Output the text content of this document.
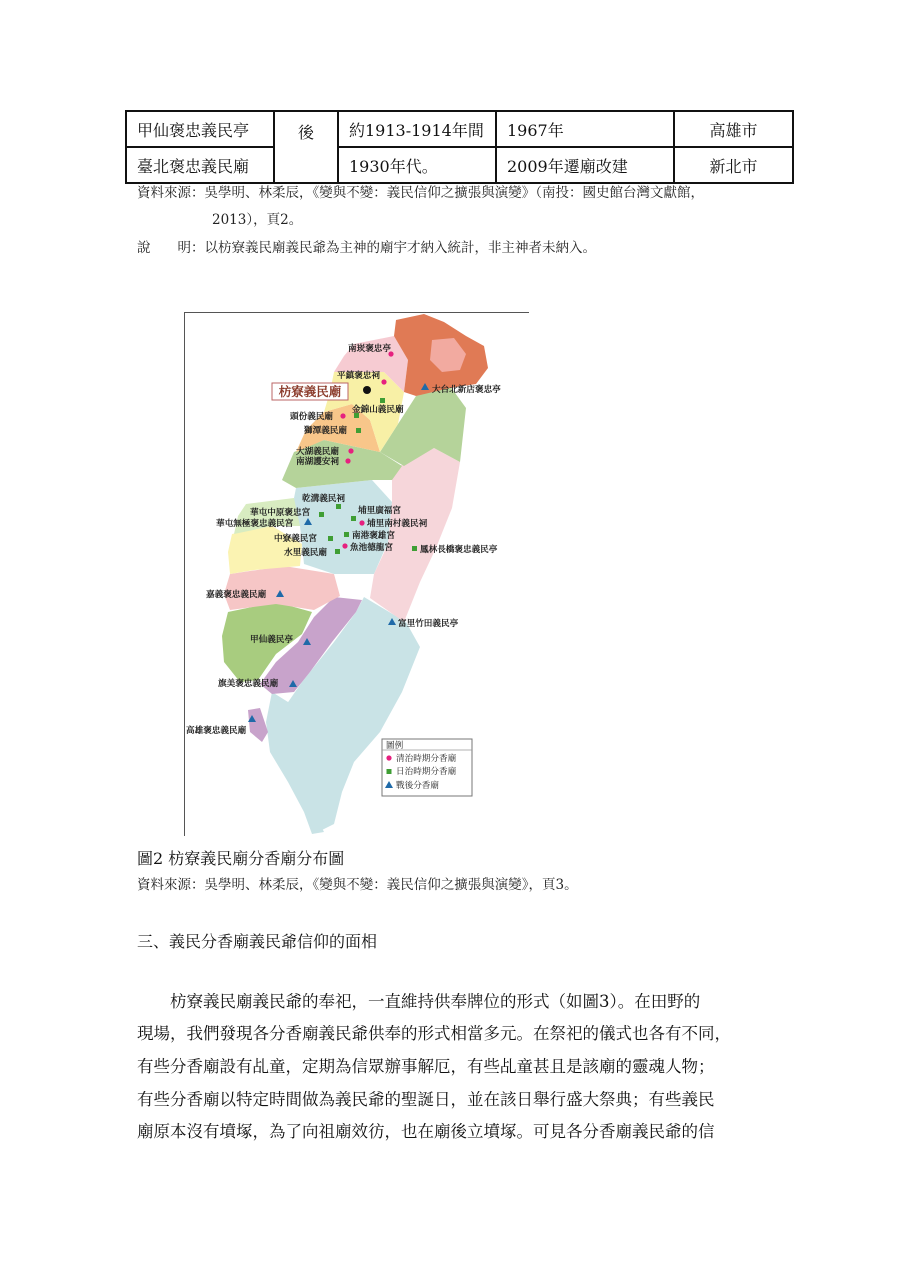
甲仙褒忠義民亭	後	約1913-1914年間	1967年	高雄市
臺北褒忠義民廟		1930年代。	2009年遷廟改建	新北市
資料來源：吳學明、林柔辰，《變與不變：義民信仰之擴張與演變》（南投：國史館台灣文獻館，
2013），頁2。
說　　明：以枋寮義民廟義民爺為主神的廟宇才納入統計，非主神者未納入。
枋寮義民廟
南崁褒忠亭
平鎮褒忠祠
大台北新店褒忠亭
頭份義民廟
金錦山義民廟
獅潭義民廟
大湖義民廟
南湖護安祠
乾溝義民祠
華屯中原褒忠宮
華屯無極褒忠義民宮
埔里廣福宮
埔里南村義民祠
南港褒雄宮
中寮義民宮
水里義民廟	魚池德龍宮	鳳林長橋褒忠義民亭
嘉義褒忠義民廟
富里竹田義民亭
甲仙義民亭
旗美褒忠義民廟
高雄褒忠義民廟
圖例
清治時期分香廟
日治時期分香廟
戰後分香廟
圖2 枋寮義民廟分香廟分布圖
資料來源：吳學明、林柔辰，《變與不變：義民信仰之擴張與演變》，頁3。
三、義民分香廟義民爺信仰的面相
　　枋寮義民廟義民爺的奉祀，一直維持供奉牌位的形式（如圖3）。在田野的
現場，我們發現各分香廟義民爺供奉的形式相當多元。在祭祀的儀式也各有不同，
有些分香廟設有乩童，定期為信眾辦事解厄，有些乩童甚且是該廟的靈魂人物；
有些分香廟以特定時間做為義民爺的聖誕日，並在該日舉行盛大祭典；有些義民
廟原本沒有墳塚，為了向祖廟效彷，也在廟後立墳塚。可見各分香廟義民爺的信
